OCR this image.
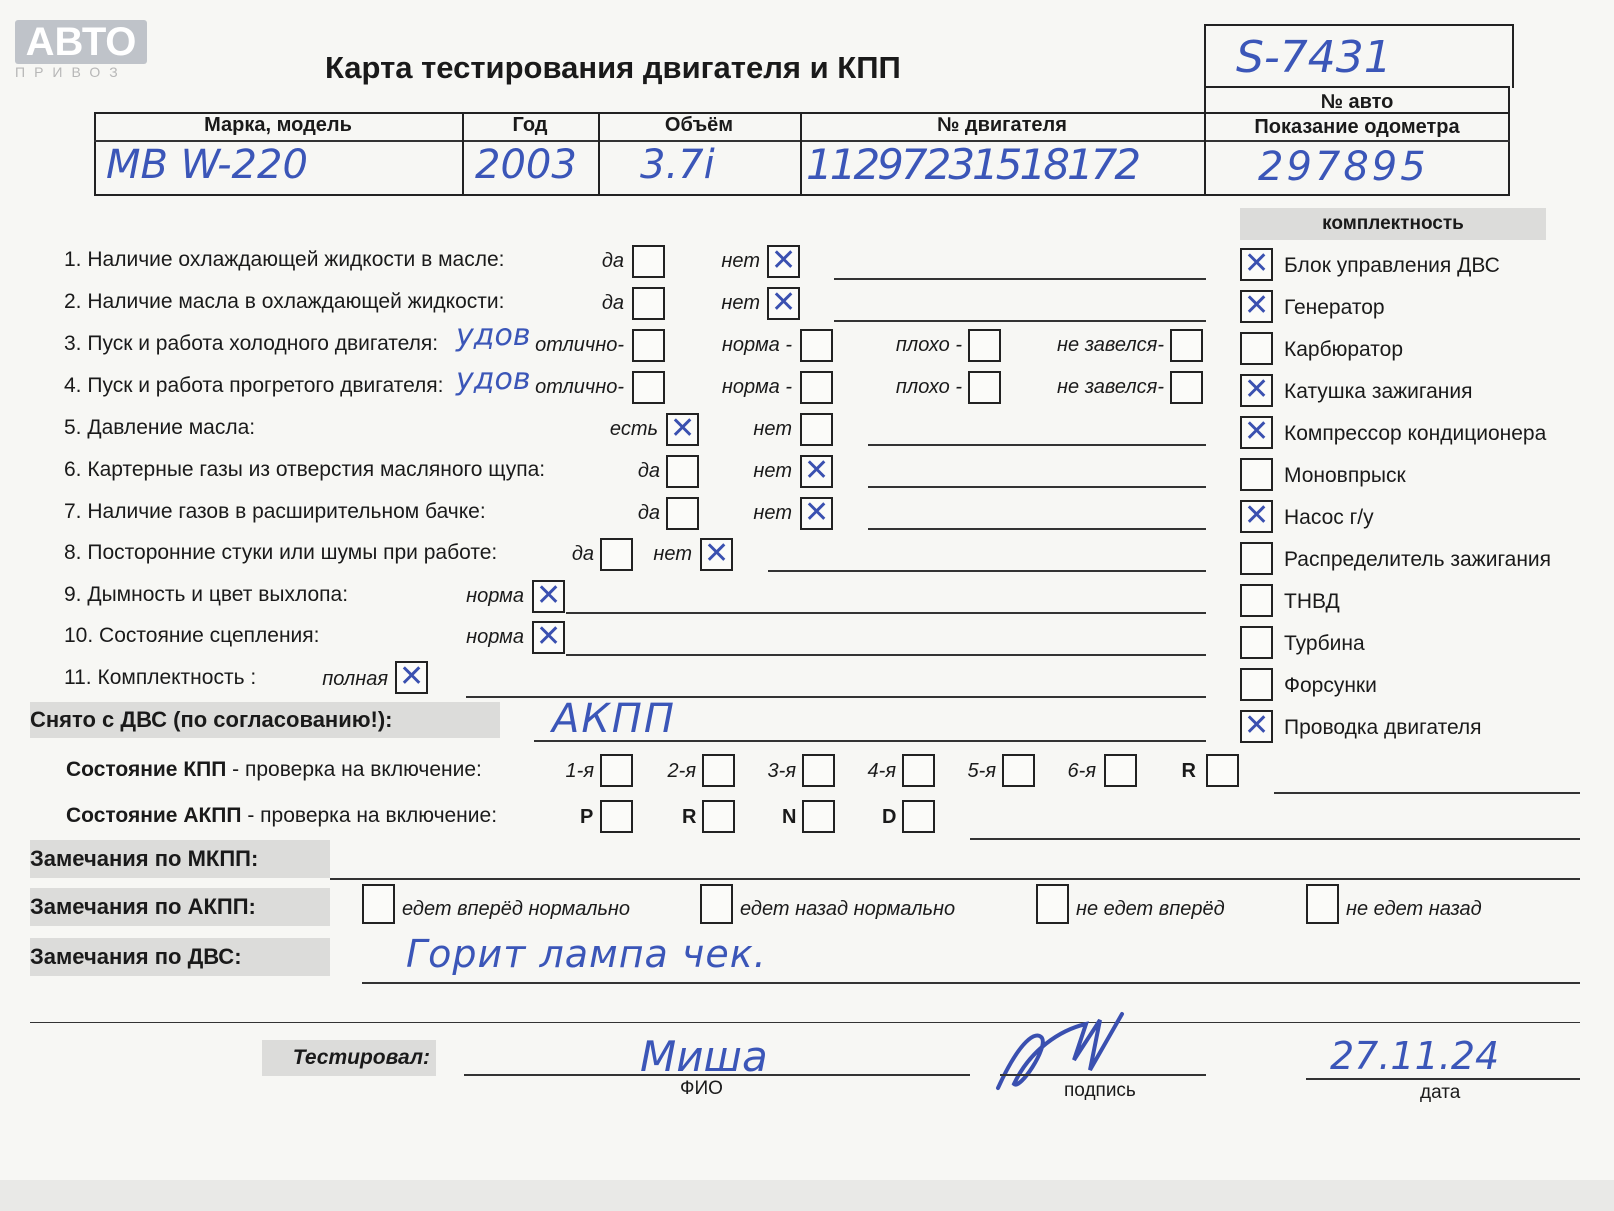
АВТО
ПРИВОЗ	Карта тестирования двигателя и КПП	S-7431
№ авто
Марка, модель	Год	Объём	№ двигателя	Показание одометра
MB W-220	2003 3.7i 11297231518172	297895
комплектность
1. Наличие охлаждающей жидкости в масле:	да	нет
✕
2. Наличие масла в охлаждающей жидкости:	да	нет
✕
3. Пуск и работа холодного двигателя: удов отлично-	норма -	плохо -	не завелся-
4. Пуск и работа прогретого двигателя: удов отлично-	норма -	плохо -	не завелся-
5. Давление масла:	есть
✕	нет
6. Картерные газы из отверстия масляного щупа:	да	нет
✕
7. Наличие газов в расширительном бачке:	да	нет
✕
8. Посторонние стуки или шумы при работе:	да	нет
✕
9. Дымность и цвет выхлопа:	норма
✕
10. Состояние сцепления:	норма
✕
11. Комплектность :	полная
✕
Снято с ДВС (по согласованию!):	АКПП
✕
Блок управления ДВС
✕
Генератор
Карбюратор
✕
Катушка зажигания
✕
Компрессор кондиционера
Моновпрыск
✕
Насос г/у
Распределитель зажигания
ТНВД
Турбина
Форсунки
✕
Проводка двигателя
Состояние КПП - проверка на включение:	1-я	2-я	3-я	4-я	5-я	6-я	R
Состояние АКПП - проверка на включение:	P	R	N	D
Замечания по МКПП:
Замечания по АКПП:	едет вперёд нормально	едет назад нормально	не едет вперёд	не едет назад
Замечания по ДВС:	Горит лампа чек.
Тестировал:	Миша
ФИО	подпись
27.11.24
дата
